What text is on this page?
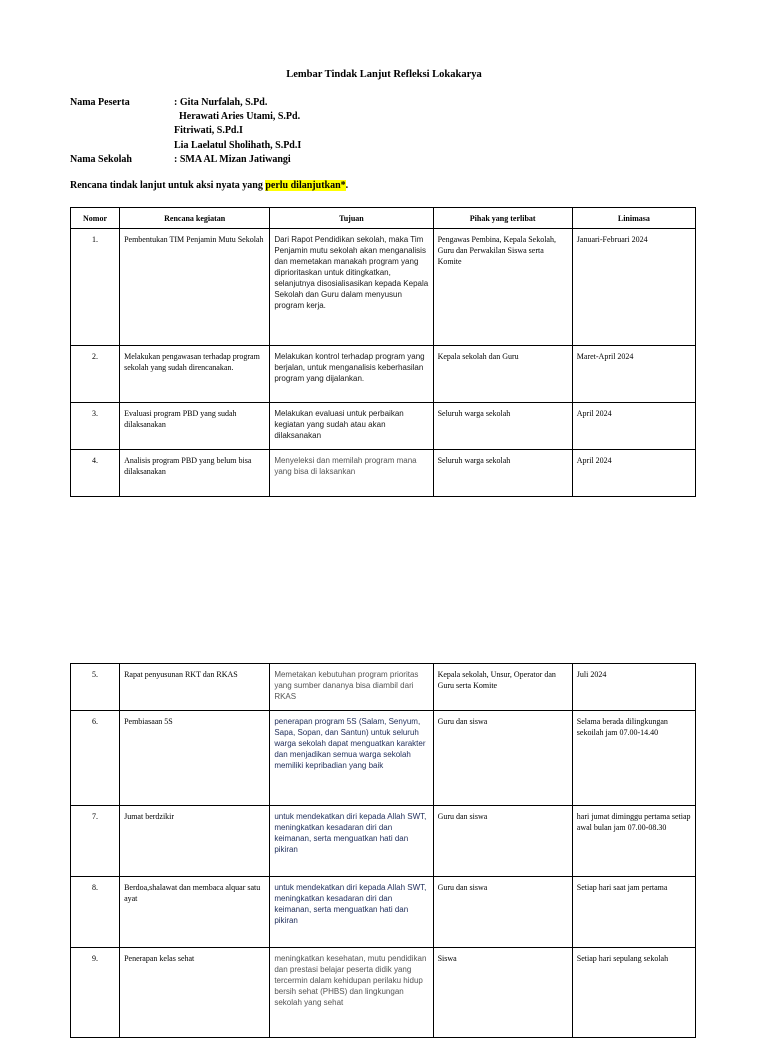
Lembar Tindak Lanjut Refleksi Lokakarya
Nama Peserta	: Gita Nurfalah, S.Pd.
Herawati Aries Utami, S.Pd.
Fitriwati, S.Pd.I
Lia Laelatul Sholihath, S.Pd.I
Nama Sekolah	: SMA AL Mizan Jatiwangi
Rencana tindak lanjut untuk aksi nyata yang perlu dilanjutkan*.
Nomor	Rencana kegiatan	Tujuan	Pihak yang terlibat	Linimasa
1.	Pembentukan TIM Penjamin Mutu Sekolah	Dari Rapot Pendidikan sekolah, maka Tim Penjamin mutu sekolah akan menganalisis dan memetakan manakah program yang diprioritaskan untuk ditingkatkan, selanjutnya disosialisasikan kepada Kepala Sekolah dan Guru dalam menyusun program kerja.	Pengawas Pembina, Kepala Sekolah, Guru dan Perwakilan Siswa serta Komite	Januari-Februari 2024
2.	Melakukan pengawasan terhadap program sekolah yang sudah direncanakan.	Melakukan kontrol terhadap program yang berjalan, untuk menganalisis keberhasilan program yang dijalankan.	Kepala sekolah dan Guru	Maret-April 2024
3.	Evaluasi program PBD yang sudah dilaksanakan	Melakukan evaluasi untuk perbaikan kegiatan yang sudah atau akan dilaksanakan	Seluruh warga sekolah	April 2024
4.	Analisis program PBD yang belum bisa dilaksanakan	Menyeleksi dan memilah program mana yang bisa di laksankan	Seluruh warga sekolah	April 2024
5.	Rapat penyusunan RKT dan RKAS	Memetakan kebutuhan program prioritas yang sumber dananya bisa diambil dari RKAS	Kepala sekolah, Unsur, Operator dan Guru serta Komite	Juli 2024
6.	Pembiasaan 5S	penerapan program 5S (Salam, Senyum, Sapa, Sopan, dan Santun) untuk seluruh warga sekolah dapat menguatkan karakter dan menjadikan semua warga sekolah memiliki kepribadian yang baik	Guru dan siswa	Selama berada dilingkungan sekoilah jam 07.00-14.40
7.	Jumat berdzikir	untuk mendekatkan diri kepada Allah SWT, meningkatkan kesadaran diri dan keimanan, serta menguatkan hati dan pikiran	Guru dan siswa	hari jumat diminggu pertama setiap awal bulan jam 07.00-08.30
8.	Berdoa,shalawat dan membaca alquar satu ayat	untuk mendekatkan diri kepada Allah SWT, meningkatkan kesadaran diri dan keimanan, serta menguatkan hati dan pikiran	Guru dan siswa	Setiap hari saat jam pertama
9.	Penerapan kelas sehat	meningkatkan kesehatan, mutu pendidikan dan prestasi belajar peserta didik yang tercermin dalam kehidupan perilaku hidup bersih sehat (PHBS) dan lingkungan sekolah yang sehat	Siswa	Setiap hari sepulang sekolah
